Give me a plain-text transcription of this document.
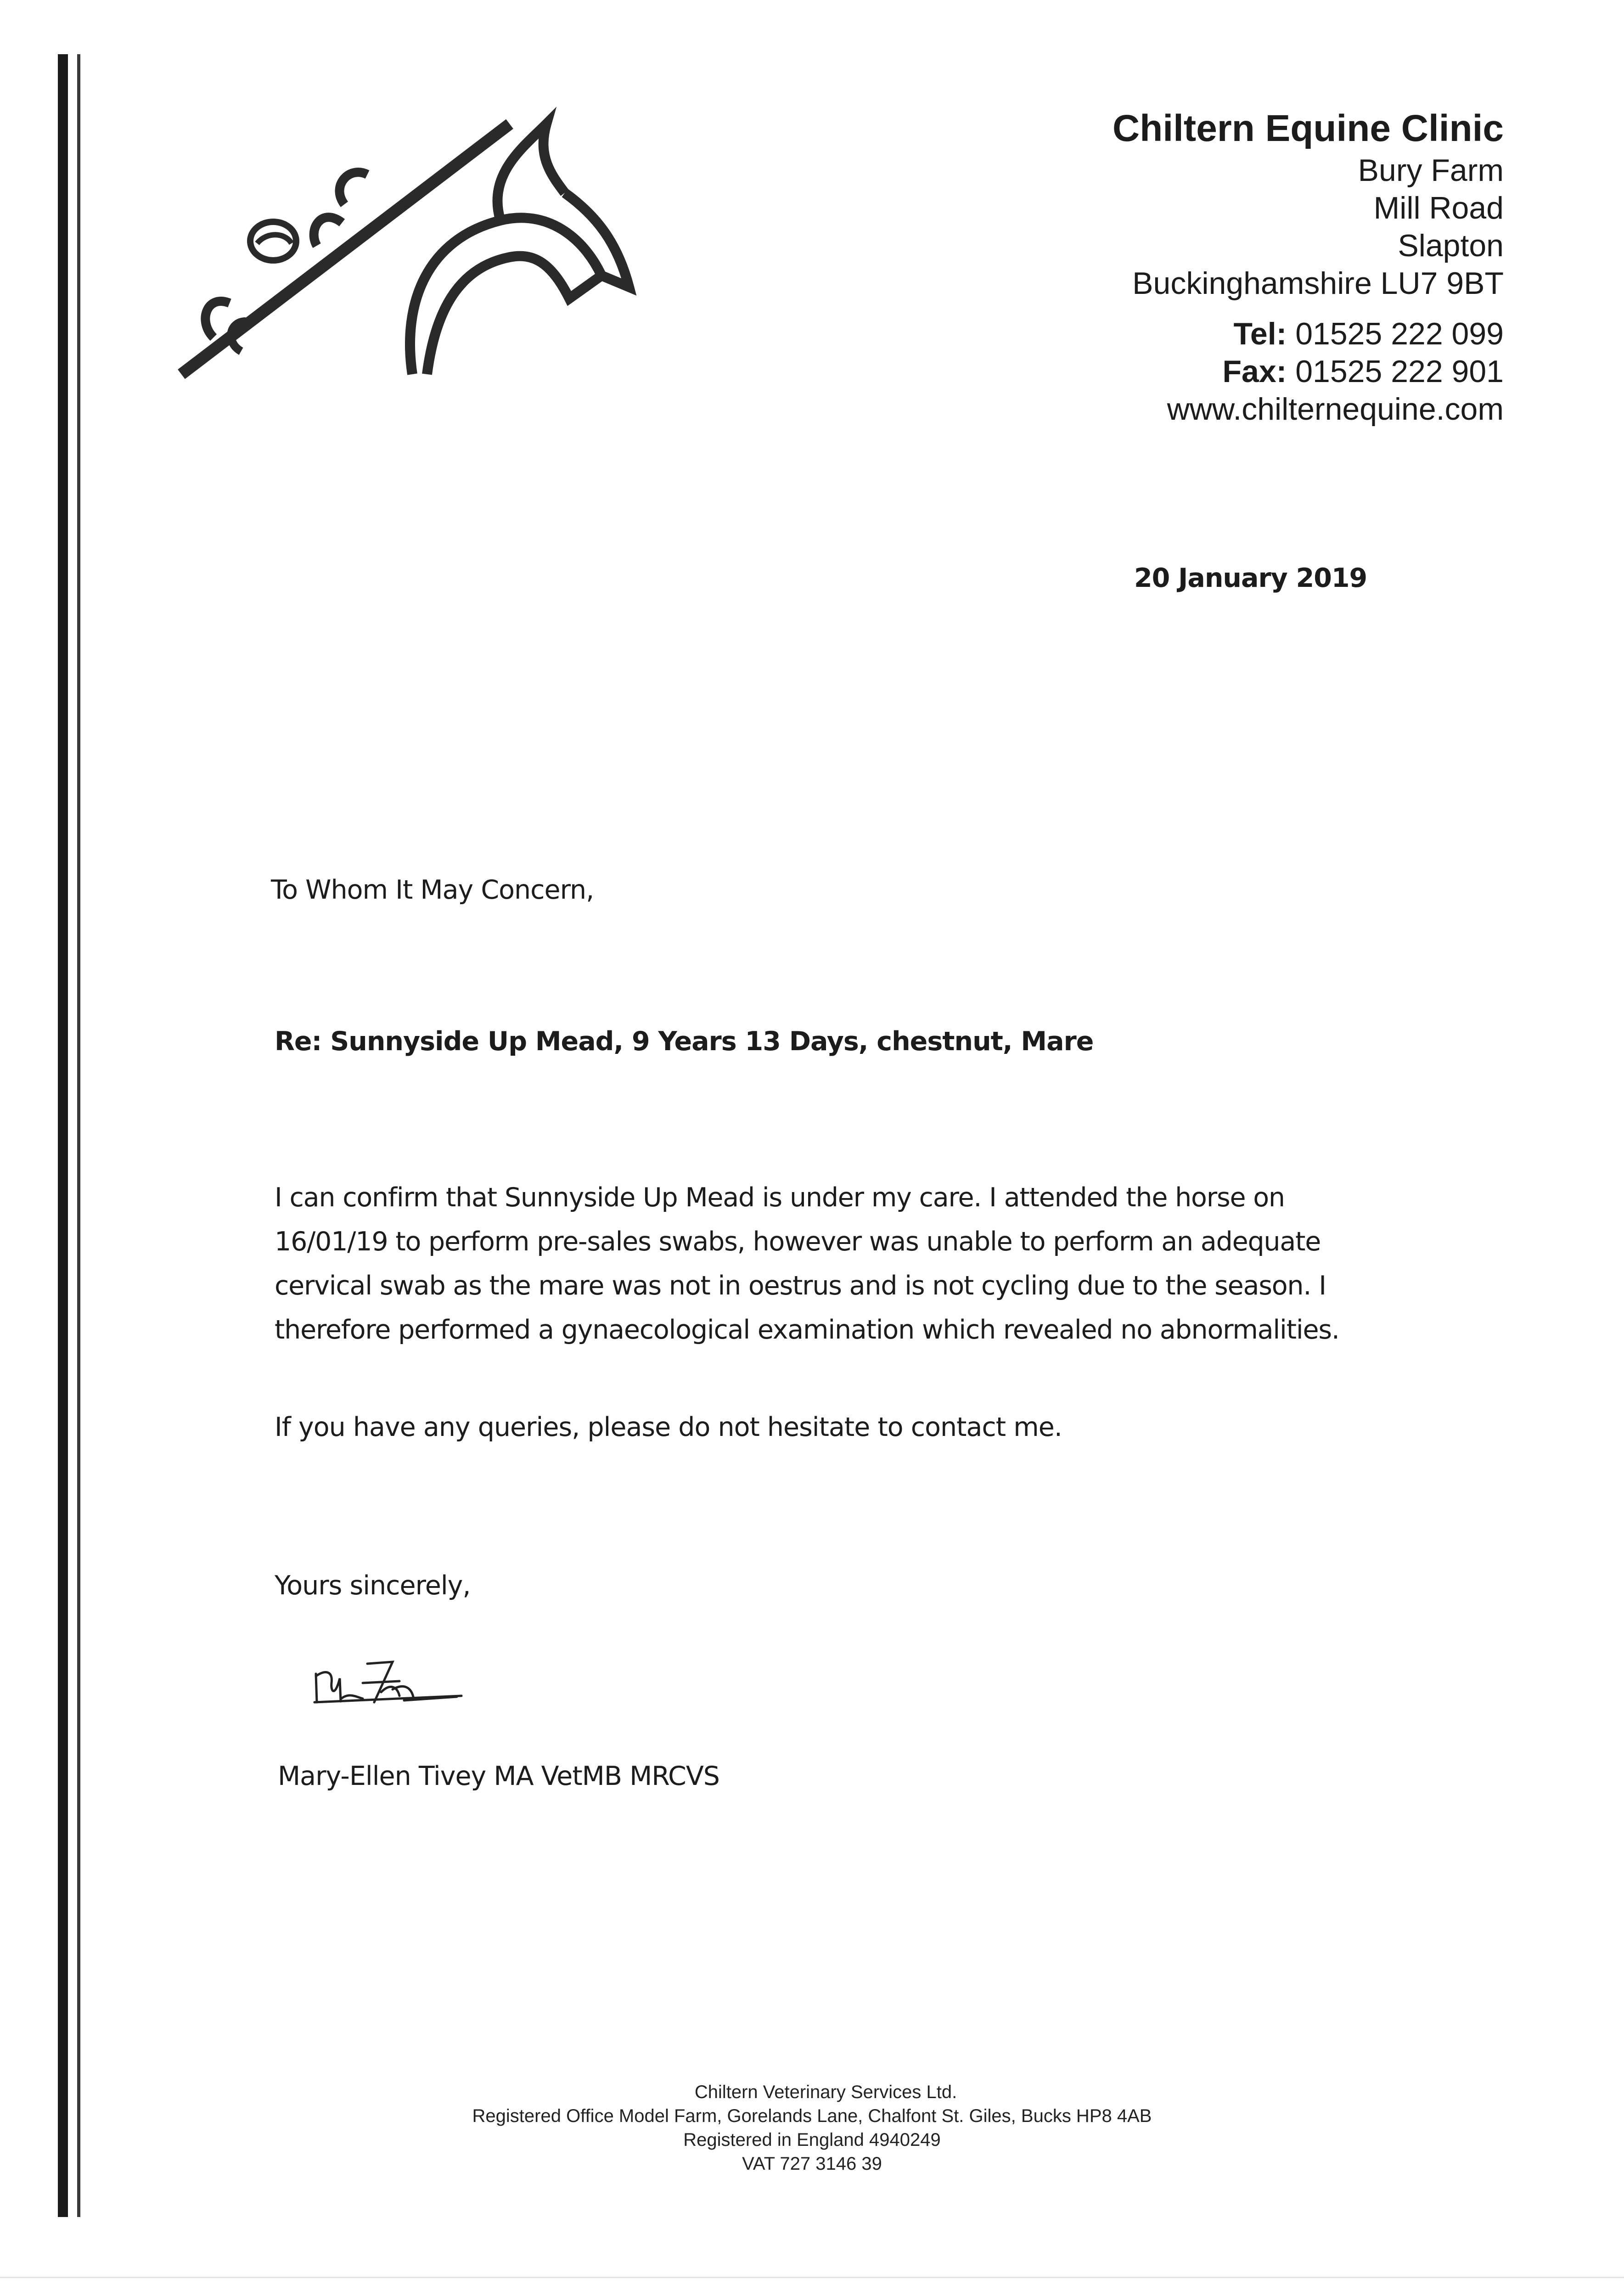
Chiltern Equine Clinic
Bury Farm
Mill Road
Slapton
Buckinghamshire LU7 9BT
Tel: 01525 222 099
Fax: 01525 222 901
www.chilternequine.com
20 January 2019
To Whom It May Concern,
Re: Sunnyside Up Mead, 9 Years 13 Days, chestnut, Mare
I can confirm that Sunnyside Up Mead is under my care. I attended the horse on
16/01/19 to perform pre-sales swabs, however was unable to perform an adequate
cervical swab as the mare was not in oestrus and is not cycling due to the season. I
therefore performed a gynaecological examination which revealed no abnormalities.
If you have any queries, please do not hesitate to contact me.
Yours sincerely,
Mary-Ellen Tivey MA VetMB MRCVS
Chiltern Veterinary Services Ltd.
Registered Office Model Farm, Gorelands Lane, Chalfont St. Giles, Bucks HP8 4AB
Registered in England 4940249
VAT 727 3146 39
